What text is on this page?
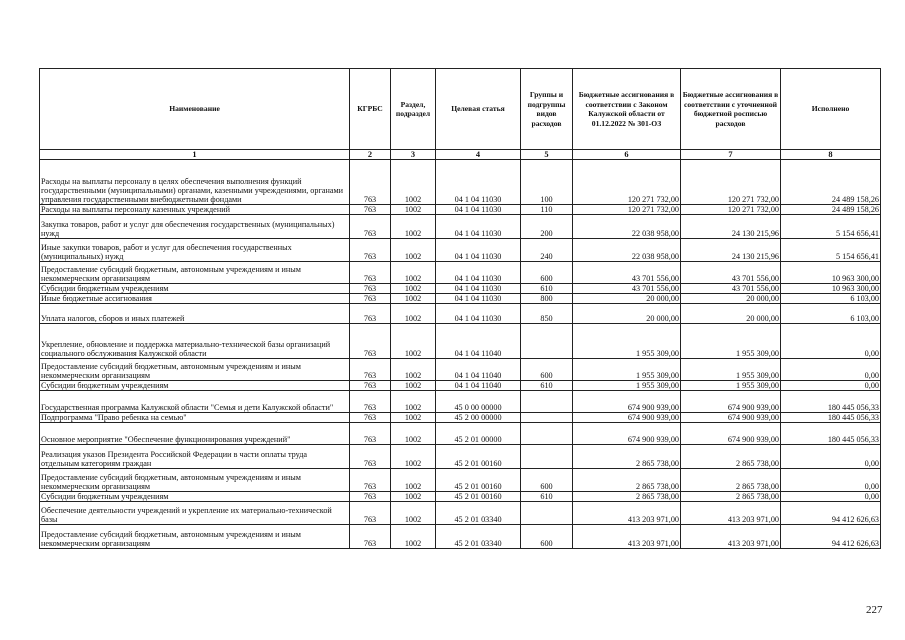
Наименование	КГРБС	Раздел, подраздел	Целевая статья	Группы и подгруппы видов расходов	Бюджетные ассигнования в соответствии с Законом Калужской области от 01.12.2022 № 301-ОЗ	Бюджетные ассигнования в соответствии с уточненной бюджетной росписью расходов	Исполнено
1	2	3	4	5	6	7	8
Расходы на выплаты персоналу в целях обеспечения выполнения функций государственными (муниципальными) органами, казенными учреждениями, органами управления государственными внебюджетными фондами	763	1002	04 1 04 11030	100	120 271 732,00	120 271 732,00	24 489 158,26
Расходы на выплаты персоналу казенных учреждений	763	1002	04 1 04 11030	110	120 271 732,00	120 271 732,00	24 489 158,26
Закупка товаров, работ и услуг для обеспечения государственных (муниципальных) нужд	763	1002	04 1 04 11030	200	22 038 958,00	24 130 215,96	5 154 656,41
Иные закупки товаров, работ и услуг для обеспечения государственных (муниципальных) нужд	763	1002	04 1 04 11030	240	22 038 958,00	24 130 215,96	5 154 656,41
Предоставление субсидий бюджетным, автономным учреждениям и иным некоммерческим организациям	763	1002	04 1 04 11030	600	43 701 556,00	43 701 556,00	10 963 300,00
Субсидии бюджетным учреждениям	763	1002	04 1 04 11030	610	43 701 556,00	43 701 556,00	10 963 300,00
Иные бюджетные ассигнования	763	1002	04 1 04 11030	800	20 000,00	20 000,00	6 103,00
Уплата налогов, сборов и иных платежей	763	1002	04 1 04 11030	850	20 000,00	20 000,00	6 103,00
Укрепление, обновление и поддержка материально-технической базы организаций социального обслуживания Калужской области	763	1002	04 1 04 11040		1 955 309,00	1 955 309,00	0,00
Предоставление субсидий бюджетным, автономным учреждениям и иным некоммерческим организациям	763	1002	04 1 04 11040	600	1 955 309,00	1 955 309,00	0,00
Субсидии бюджетным учреждениям	763	1002	04 1 04 11040	610	1 955 309,00	1 955 309,00	0,00
Государственная программа Калужской области "Семья и дети Калужской области"	763	1002	45 0 00 00000		674 900 939,00	674 900 939,00	180 445 056,33
Подпрограмма "Право ребенка на семью"	763	1002	45 2 00 00000		674 900 939,00	674 900 939,00	180 445 056,33
Основное мероприятие "Обеспечение функционирования учреждений"	763	1002	45 2 01 00000		674 900 939,00	674 900 939,00	180 445 056,33
Реализация указов Президента Российской Федерации в части оплаты труда отдельным категориям граждан	763	1002	45 2 01 00160		2 865 738,00	2 865 738,00	0,00
Предоставление субсидий бюджетным, автономным учреждениям и иным некоммерческим организациям	763	1002	45 2 01 00160	600	2 865 738,00	2 865 738,00	0,00
Субсидии бюджетным учреждениям	763	1002	45 2 01 00160	610	2 865 738,00	2 865 738,00	0,00
Обеспечение деятельности учреждений и укрепление их материально-технической базы	763	1002	45 2 01 03340		413 203 971,00	413 203 971,00	94 412 626,63
Предоставление субсидий бюджетным, автономным учреждениям и иным некоммерческим организациям	763	1002	45 2 01 03340	600	413 203 971,00	413 203 971,00	94 412 626,63
227
